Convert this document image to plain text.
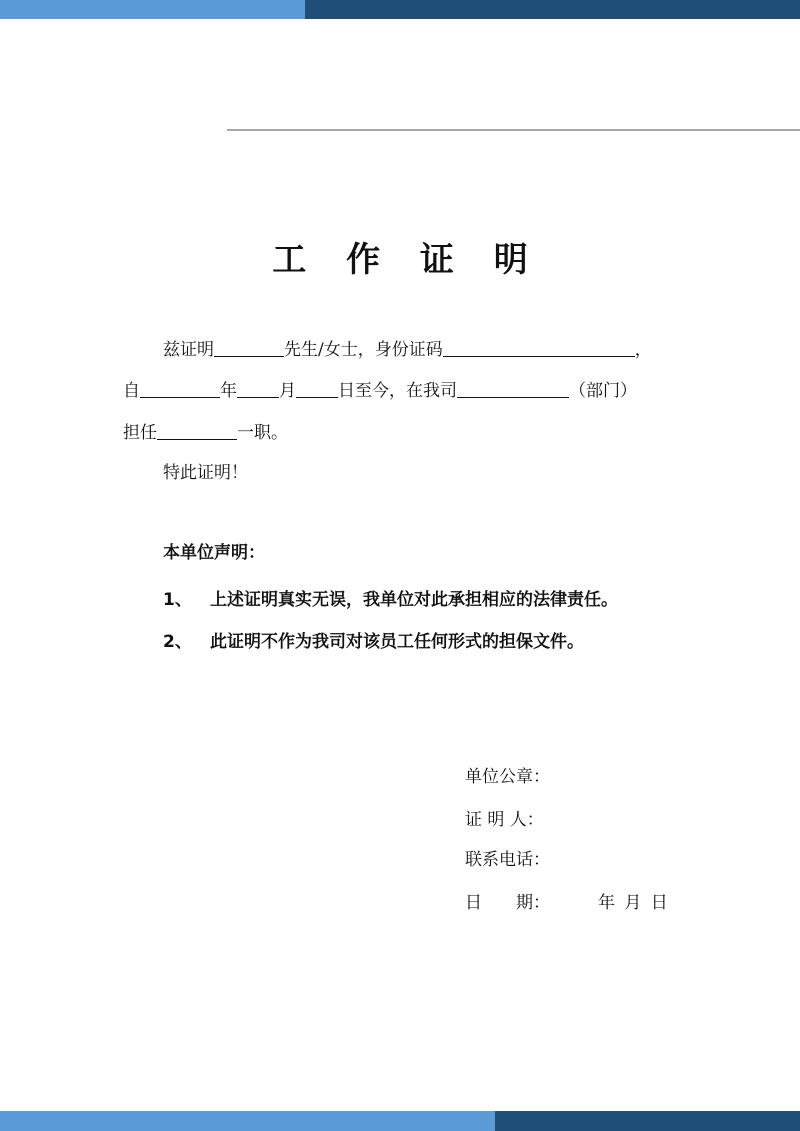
工 作 证 明
兹证明	先生/女士，身份证码	，
自	年 月 日至今，在我司	（部门）
担任	一职。
特此证明！
本单位声明：
1、 上述证明真实无误，我单位对此承担相应的法律责任。
2、 此证明不作为我司对该员工任何形式的担保文件。
单位公章：
证 明 人：
联系电话：
日　　期：	年 月 日
